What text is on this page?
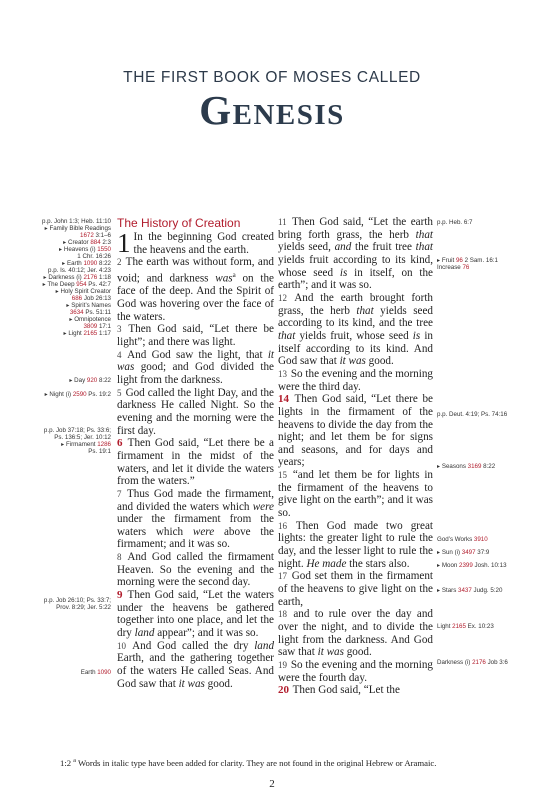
THE FIRST BOOK OF MOSES CALLED
Genesis
p.p. John 1:3; Heb. 11:10
▸ Family Bible Readings
1672 3:1–6
▸ Creator 884 2:3
▸ Heavens (i) 1550
1 Chr. 16:26
▸ Earth 1090 8:22
p.p. Is. 40:12; Jer. 4:23
▸ Darkness (i) 2176 1:18
▸ The Deep 954 Ps. 42:7
▸ Holy Spirit Creator
686 Job 26:13
▸ Spirit’s Names
3634 Ps. 51:11
▸ Omnipotence
3809 17:1
▸ Light 2165 1:17
▸ Day 920 8:22
▸ Night (i) 2590 Ps. 19:2
p.p. Job 37:18; Ps. 33:6;
Ps. 136:5; Jer. 10:12
▸ Firmament 1286
Ps. 19:1
p.p. Job 26:10; Ps. 33:7;
Prov. 8:29; Jer. 5:22
Earth 1090
The History of Creation
1 In the beginning God created the heavens and the earth.
2 The earth was without form, and void; and darkness was$^a$ on the face of the deep. And the Spirit of God was hovering over the face of the waters.
3 Then God said, “Let there be light”; and there was light.
4 And God saw the light, that it was good; and God divided the light from the darkness.
5 God called the light Day, and the darkness He called Night. So the evening and the morning were the first day.
6 Then God said, “Let there be a firmament in the midst of the waters, and let it divide the waters from the waters.”
7 Thus God made the firmament, and divided the waters which were under the firmament from the waters which were above the firmament; and it was so.
8 And God called the firmament Heaven. So the evening and the morning were the second day.
9 Then God said, “Let the waters under the heavens be gathered together into one place, and let the dry land appear”; and it was so.
10 And God called the dry land Earth, and the gathering together of the waters He called Seas. And God saw that it was good.
11 Then God said, “Let the earth bring forth grass, the herb that yields seed, and the fruit tree that yields fruit according to its kind, whose seed is in itself, on the earth”; and it was so.
12 And the earth brought forth grass, the herb that yields seed according to its kind, and the tree that yields fruit, whose seed is in itself according to its kind. And God saw that it was good.
13 So the evening and the morning were the third day.
14 Then God said, “Let there be lights in the firmament of the heavens to divide the day from the night; and let them be for signs and seasons, and for days and years;
15 “and let them be for lights in the firmament of the heavens to give light on the earth”; and it was so.
16 Then God made two great lights: the greater light to rule the day, and the lesser light to rule the night. He made the stars also.
17 God set them in the firmament of the heavens to give light on the earth,
18 and to rule over the day and over the night, and to divide the light from the darkness. And God saw that it was good.
19 So the evening and the morning were the fourth day.
20 Then God said, “Let the
p.p. Heb. 6:7
▸ Fruit 96 2 Sam. 16:1
Increase 76
p.p. Deut. 4:19; Ps. 74:16
▸ Seasons 3169 8:22
God’s Works 3910
▸ Sun (i) 3497 37:9
▸ Moon 2399 Josh. 10:13
▸ Stars 3437 Judg. 5:20
Light 2165 Ex. 10:23
Darkness (i) 2176 Job 3:6
1:2 $^a$ Words in italic type have been added for clarity. They are not found in the original Hebrew or Aramaic.
2
